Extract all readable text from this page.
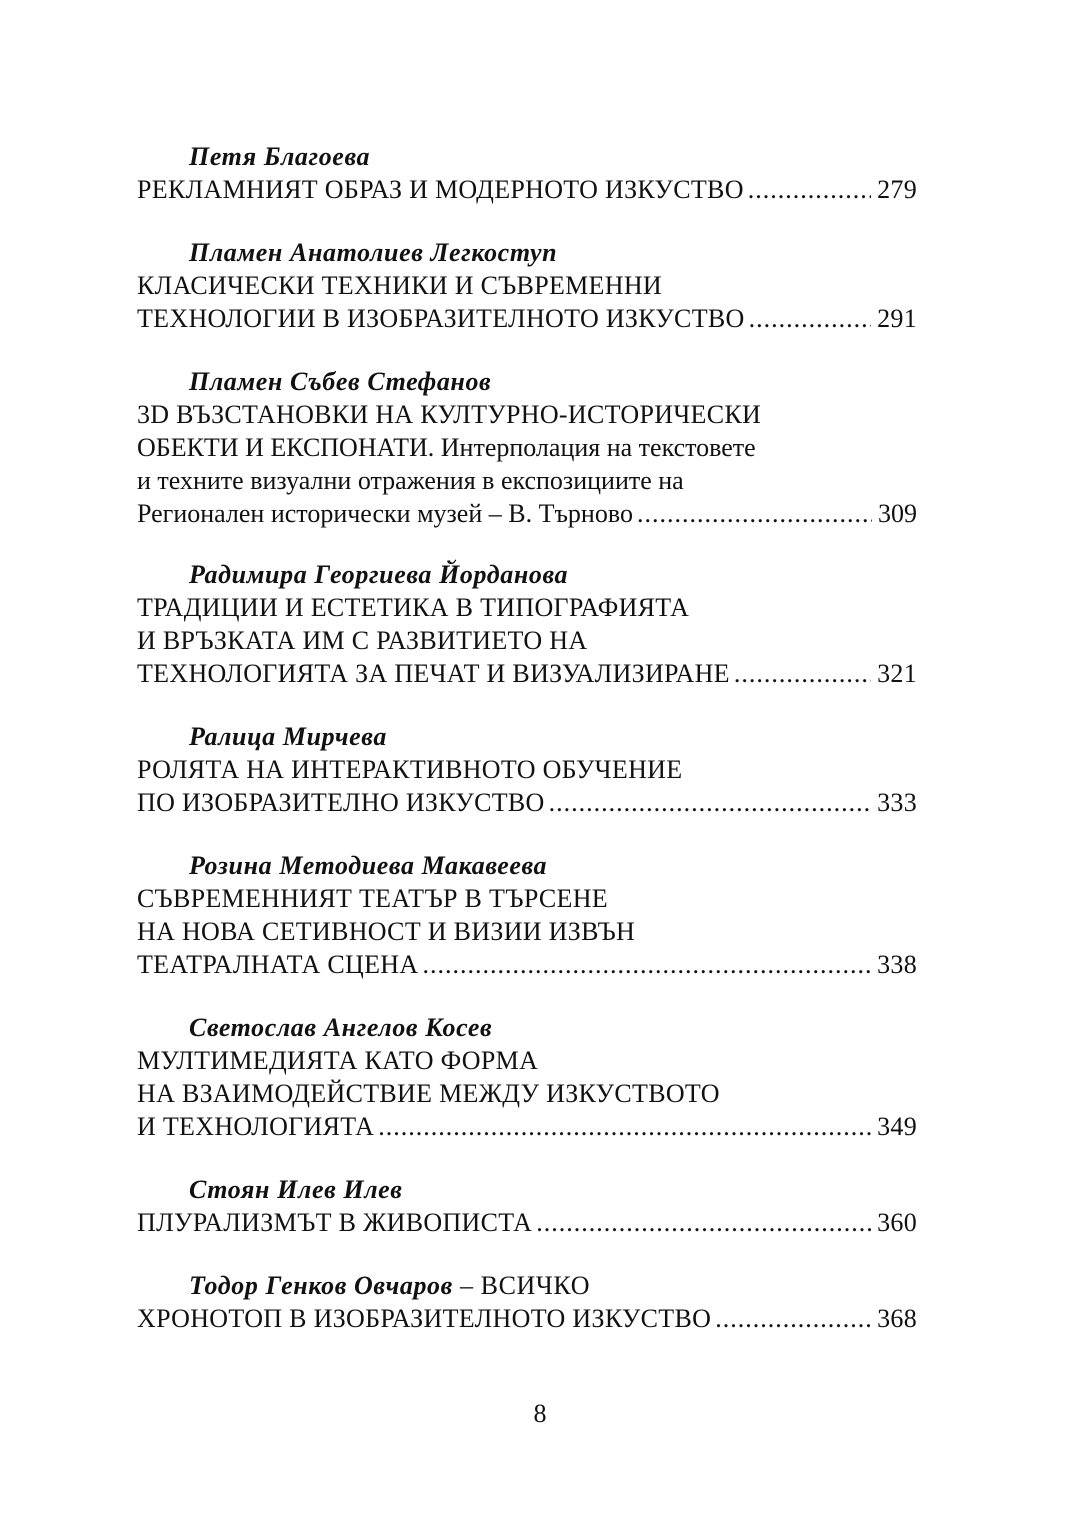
Петя Благоева
РЕКЛАМНИЯТ ОБРАЗ И МОДЕРНОТО ИЗКУСТВО .....	279
Пламен Анатолиев Легкоступ
КЛАСИЧЕСКИ ТЕХНИКИ И СЪВРЕМЕННИ
ТЕХНОЛОГИИ В ИЗОБРАЗИТЕЛНОТО ИЗКУСТВО .....	291
Пламен Събев Стефанов
3D ВЪЗСТАНОВКИ НА КУЛТУРНО-ИСТОРИЧЕСКИ
ОБЕКТИ И ЕКСПОНАТИ. Интерполация на текстовете
и техните визуални отражения в експозициите на
Регионален исторически музей – В. Търново .....	309
Радимира Георгиева Йорданова
ТРАДИЦИИ И ЕСТЕТИКА В ТИПОГРАФИЯТА
И ВРЪЗКАТА ИМ С РАЗВИТИЕТО НА
ТЕХНОЛОГИЯТА ЗА ПЕЧАТ И ВИЗУАЛИЗИРАНЕ .....	321
Ралица Мирчева
РОЛЯТА НА ИНТЕРАКТИВНОТО ОБУЧЕНИЕ
ПО ИЗОБРАЗИТЕЛНО ИЗКУСТВО .....	333
Розина Методиева Макавеева
СЪВРЕМЕННИЯТ ТЕАТЪР В ТЪРСЕНЕ
НА НОВА СЕТИВНОСТ И ВИЗИИ ИЗВЪН
ТЕАТРАЛНАТА СЦЕНА .....	338
Светослав Ангелов Косев
МУЛТИМЕДИЯТА КАТО ФОРМА
НА ВЗАИМОДЕЙСТВИЕ МЕЖДУ ИЗКУСТВОТО
И ТЕХНОЛОГИЯТА .....	349
Стоян Илев Илев
ПЛУРАЛИЗМЪТ В ЖИВОПИСТА .....	360
Тодор Генков Овчаров – ВСИЧКО
ХРОНОТОП В ИЗОБРАЗИТЕЛНОТО ИЗКУСТВО .....	368
8
